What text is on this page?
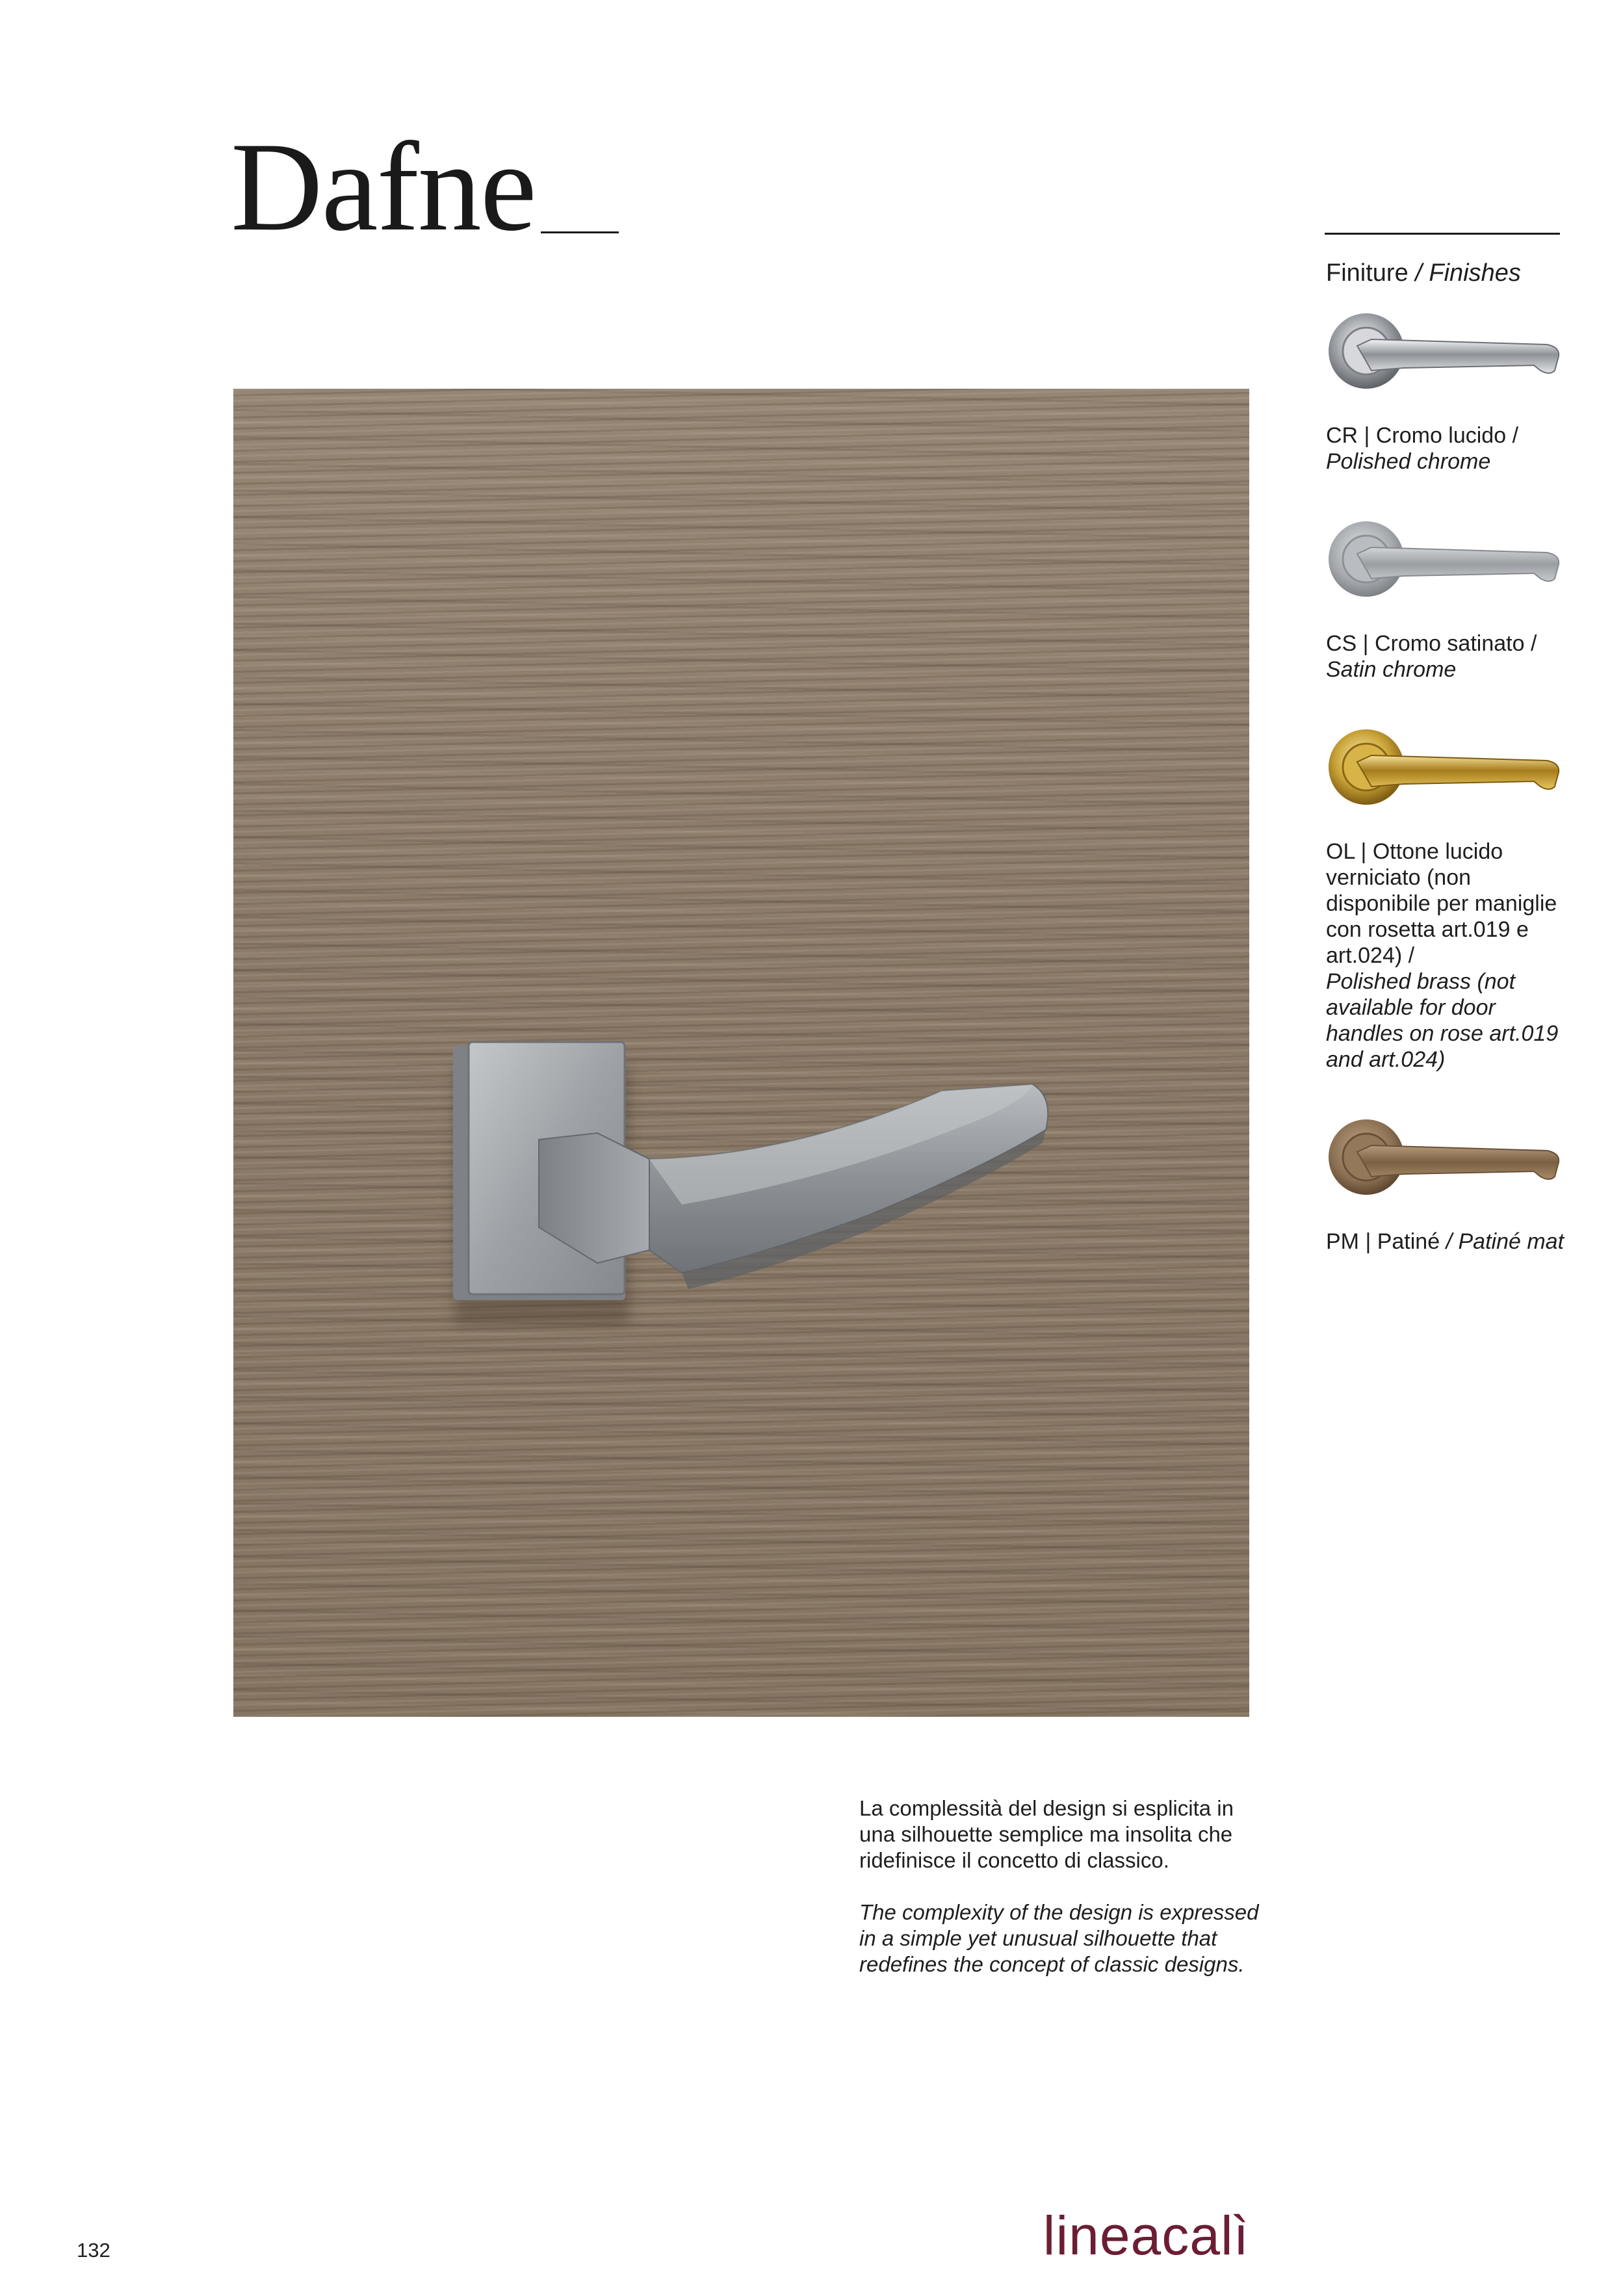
Dafne
Finiture / Finishes
CR | Cromo lucido /
Polished chrome
CS | Cromo satinato /
Satin chrome
OL | Ottone lucido verniciato (non disponibile per maniglie con rosetta art.019 e art.024) /
Polished brass (not available for door handles on rose art.019 and art.024)
PM | Patiné / Patiné mat

La complessità del design si esplicita in una silhouette semplice ma insolita che ridefinisce il concetto di classico.

The complexity of the design is expressed in a simple yet unusual silhouette that redefines the concept of classic designs.

132	lineacalì
